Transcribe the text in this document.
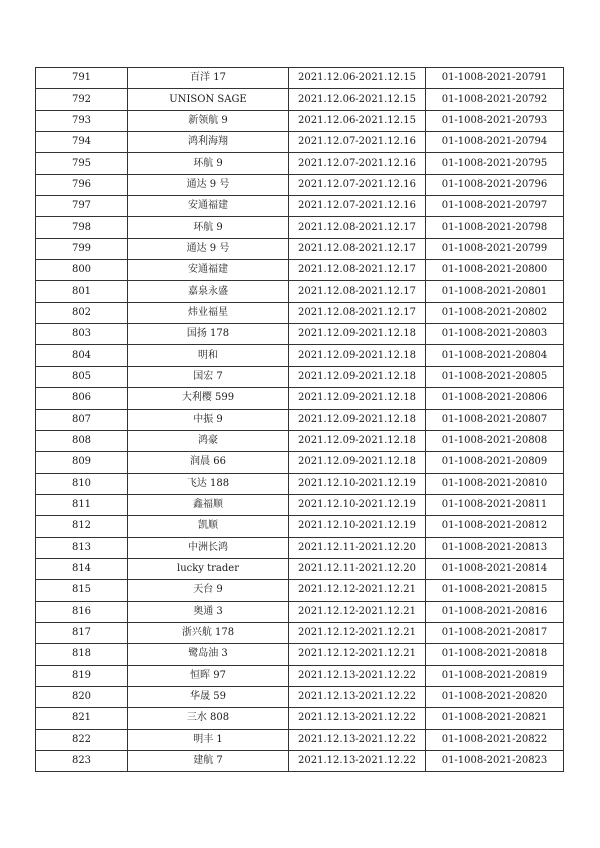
791	百洋 17	2021.12.06-2021.12.15	01-1008-2021-20791
792	UNISON SAGE	2021.12.06-2021.12.15	01-1008-2021-20792
793	新领航 9	2021.12.06-2021.12.15	01-1008-2021-20793
794	鸿利海翔	2021.12.07-2021.12.16	01-1008-2021-20794
795	环航 9	2021.12.07-2021.12.16	01-1008-2021-20795
796	通达 9 号	2021.12.07-2021.12.16	01-1008-2021-20796
797	安通福建	2021.12.07-2021.12.16	01-1008-2021-20797
798	环航 9	2021.12.08-2021.12.17	01-1008-2021-20798
799	通达 9 号	2021.12.08-2021.12.17	01-1008-2021-20799
800	安通福建	2021.12.08-2021.12.17	01-1008-2021-20800
801	嘉泉永盛	2021.12.08-2021.12.17	01-1008-2021-20801
802	炜业福星	2021.12.08-2021.12.17	01-1008-2021-20802
803	国扬 178	2021.12.09-2021.12.18	01-1008-2021-20803
804	明和	2021.12.09-2021.12.18	01-1008-2021-20804
805	国宏 7	2021.12.09-2021.12.18	01-1008-2021-20805
806	大利樱 599	2021.12.09-2021.12.18	01-1008-2021-20806
807	中振 9	2021.12.09-2021.12.18	01-1008-2021-20807
808	鸿豪	2021.12.09-2021.12.18	01-1008-2021-20808
809	润晨 66	2021.12.09-2021.12.18	01-1008-2021-20809
810	飞达 188	2021.12.10-2021.12.19	01-1008-2021-20810
811	鑫福顺	2021.12.10-2021.12.19	01-1008-2021-20811
812	凯顺	2021.12.10-2021.12.19	01-1008-2021-20812
813	中洲长鸿	2021.12.11-2021.12.20	01-1008-2021-20813
814	lucky trader	2021.12.11-2021.12.20	01-1008-2021-20814
815	天台 9	2021.12.12-2021.12.21	01-1008-2021-20815
816	奥通 3	2021.12.12-2021.12.21	01-1008-2021-20816
817	浙兴航 178	2021.12.12-2021.12.21	01-1008-2021-20817
818	鹭岛油 3	2021.12.12-2021.12.21	01-1008-2021-20818
819	恒晖 97	2021.12.13-2021.12.22	01-1008-2021-20819
820	华晟 59	2021.12.13-2021.12.22	01-1008-2021-20820
821	三水 808	2021.12.13-2021.12.22	01-1008-2021-20821
822	明丰 1	2021.12.13-2021.12.22	01-1008-2021-20822
823	建航 7	2021.12.13-2021.12.22	01-1008-2021-20823
